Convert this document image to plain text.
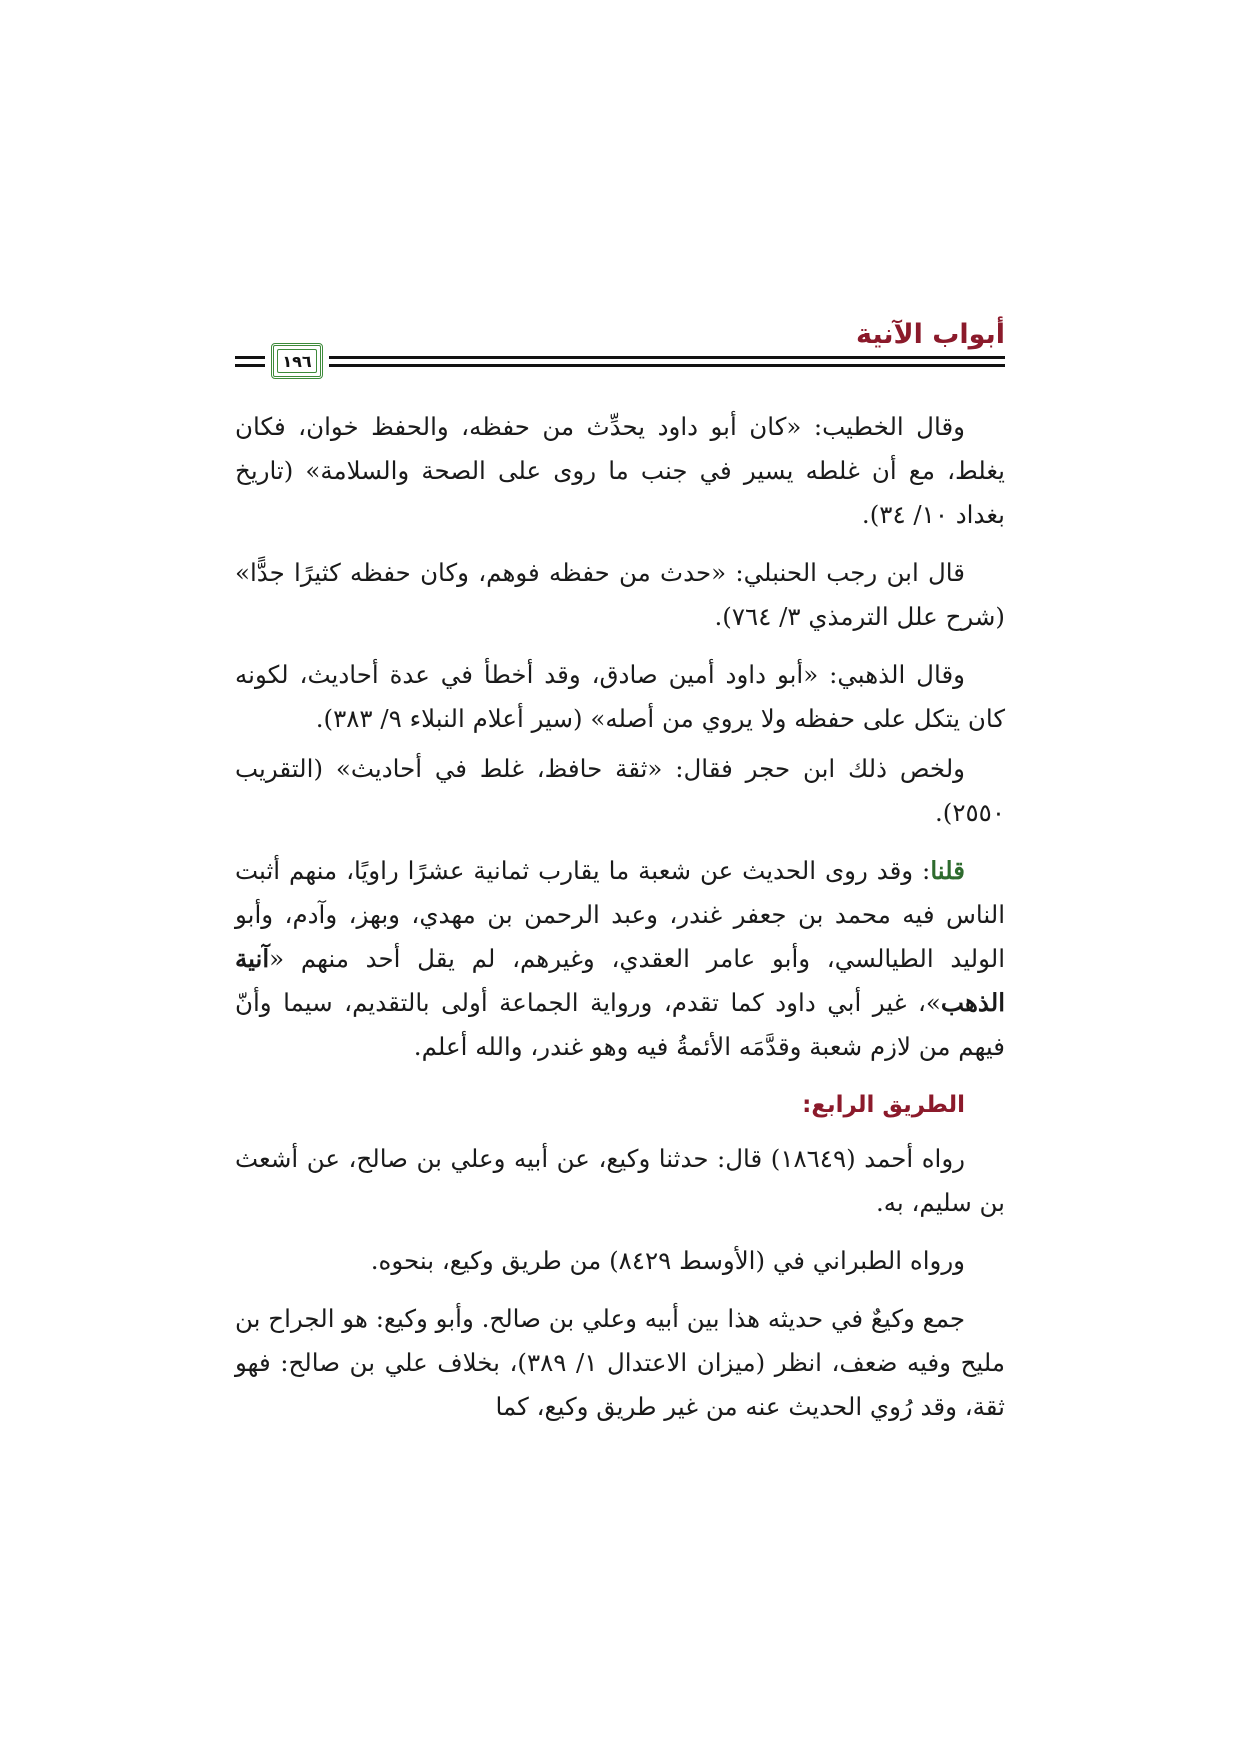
أبواب الآنية
١٩٦

وقال الخطيب: «كان أبو داود يحدِّث من حفظه، والحفظ خوان، فكان يغلط، مع أن غلطه يسير في جنب ما روى على الصحة والسلامة» (تاريخ بغداد ١٠/ ٣٤).

قال ابن رجب الحنبلي: «حدث من حفظه فوهم، وكان حفظه كثيرًا جدًّا» (شرح علل الترمذي ٣/ ٧٦٤).

وقال الذهبي: «أبو داود أمين صادق، وقد أخطأ في عدة أحاديث، لكونه كان يتكل على حفظه ولا يروي من أصله» (سير أعلام النبلاء ٩/ ٣٨٣).

ولخص ذلك ابن حجر فقال: «ثقة حافظ، غلط في أحاديث» (التقريب ٢٥٥٠).

قلنا: وقد روى الحديث عن شعبة ما يقارب ثمانية عشرًا راويًا، منهم أثبت الناس فيه محمد بن جعفر غندر، وعبد الرحمن بن مهدي، وبهز، وآدم، وأبو الوليد الطيالسي، وأبو عامر العقدي، وغيرهم، لم يقل أحد منهم «آنية الذهب»، غير أبي داود كما تقدم، ورواية الجماعة أولى بالتقديم، سيما وأنّ فيهم من لازم شعبة وقدَّمَه الأئمةُ فيه وهو غندر، والله أعلم.

الطريق الرابع:

رواه أحمد (١٨٦٤٩) قال: حدثنا وكيع، عن أبيه وعلي بن صالح، عن أشعث بن سليم، به.

ورواه الطبراني في (الأوسط ٨٤٢٩) من طريق وكيع، بنحوه.

جمع وكيعٌ في حديثه هذا بين أبيه وعلي بن صالح. وأبو وكيع: هو الجراح بن مليح وفيه ضعف، انظر (ميزان الاعتدال ١/ ٣٨٩)، بخلاف علي بن صالح: فهو ثقة، وقد رُوي الحديث عنه من غير طريق وكيع، كما
